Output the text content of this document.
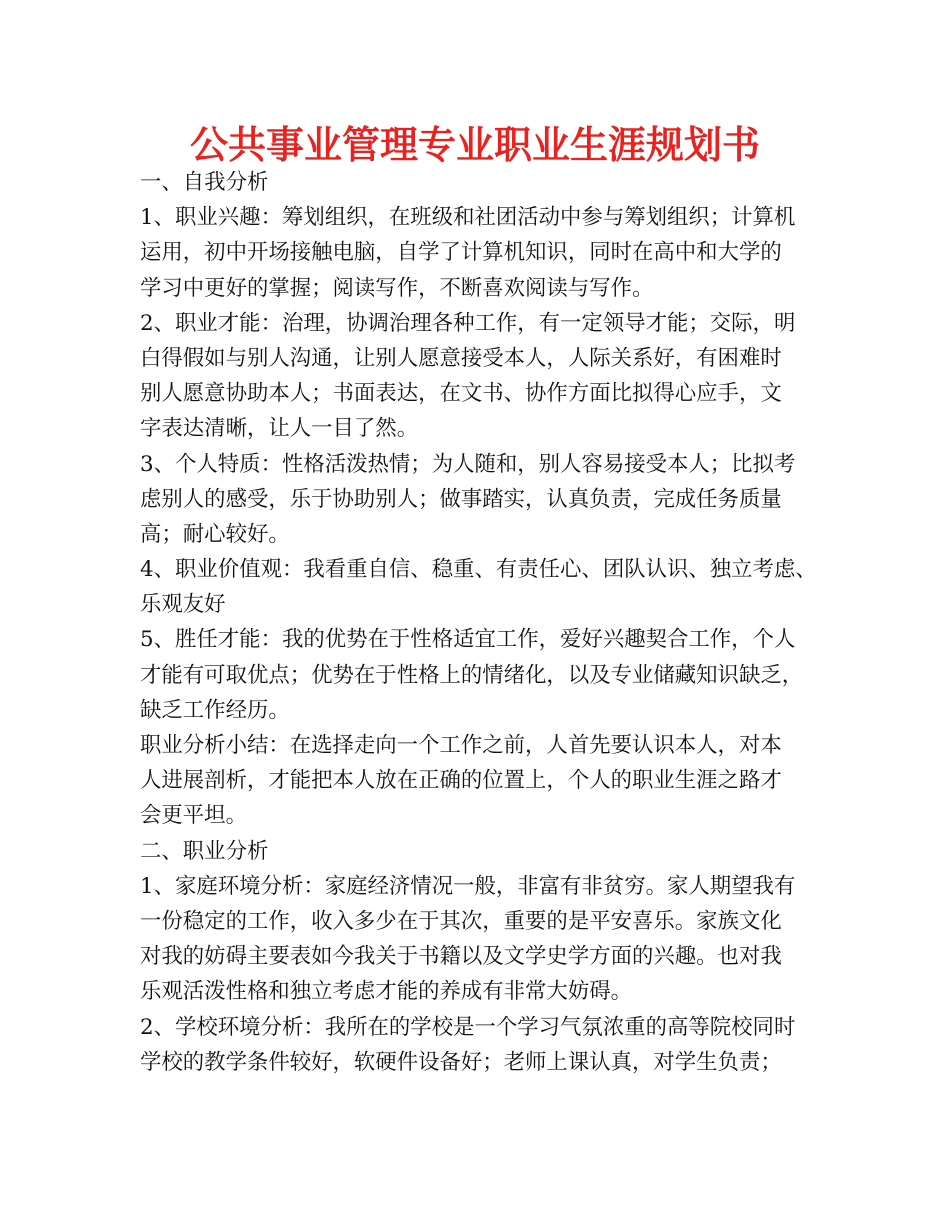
公共事业管理专业职业生涯规划书
一、自我分析
1、职业兴趣：筹划组织，在班级和社团活动中参与筹划组织；计算机
运用，初中开场接触电脑，自学了计算机知识，同时在高中和大学的
学习中更好的掌握；阅读写作，不断喜欢阅读与写作。
2、职业才能：治理，协调治理各种工作，有一定领导才能；交际，明
白得假如与别人沟通，让别人愿意接受本人，人际关系好，有困难时
别人愿意协助本人；书面表达，在文书、协作方面比拟得心应手，文
字表达清晰，让人一目了然。
3、个人特质：性格活泼热情；为人随和，别人容易接受本人；比拟考
虑别人的感受，乐于协助别人；做事踏实，认真负责，完成任务质量
高；耐心较好。
4、职业价值观：我看重自信、稳重、有责任心、团队认识、独立考虑、
乐观友好
5、胜任才能：我的优势在于性格适宜工作，爱好兴趣契合工作，个人
才能有可取优点；优势在于性格上的情绪化，以及专业储藏知识缺乏，
缺乏工作经历。
职业分析小结：在选择走向一个工作之前，人首先要认识本人，对本
人进展剖析，才能把本人放在正确的位置上，个人的职业生涯之路才
会更平坦。
二、职业分析
1、家庭环境分析：家庭经济情况一般，非富有非贫穷。家人期望我有
一份稳定的工作，收入多少在于其次，重要的是平安喜乐。家族文化
对我的妨碍主要表如今我关于书籍以及文学史学方面的兴趣。也对我
乐观活泼性格和独立考虑才能的养成有非常大妨碍。
2、学校环境分析：我所在的学校是一个学习气氛浓重的高等院校同时
学校的教学条件较好，软硬件设备好；老师上课认真，对学生负责；
